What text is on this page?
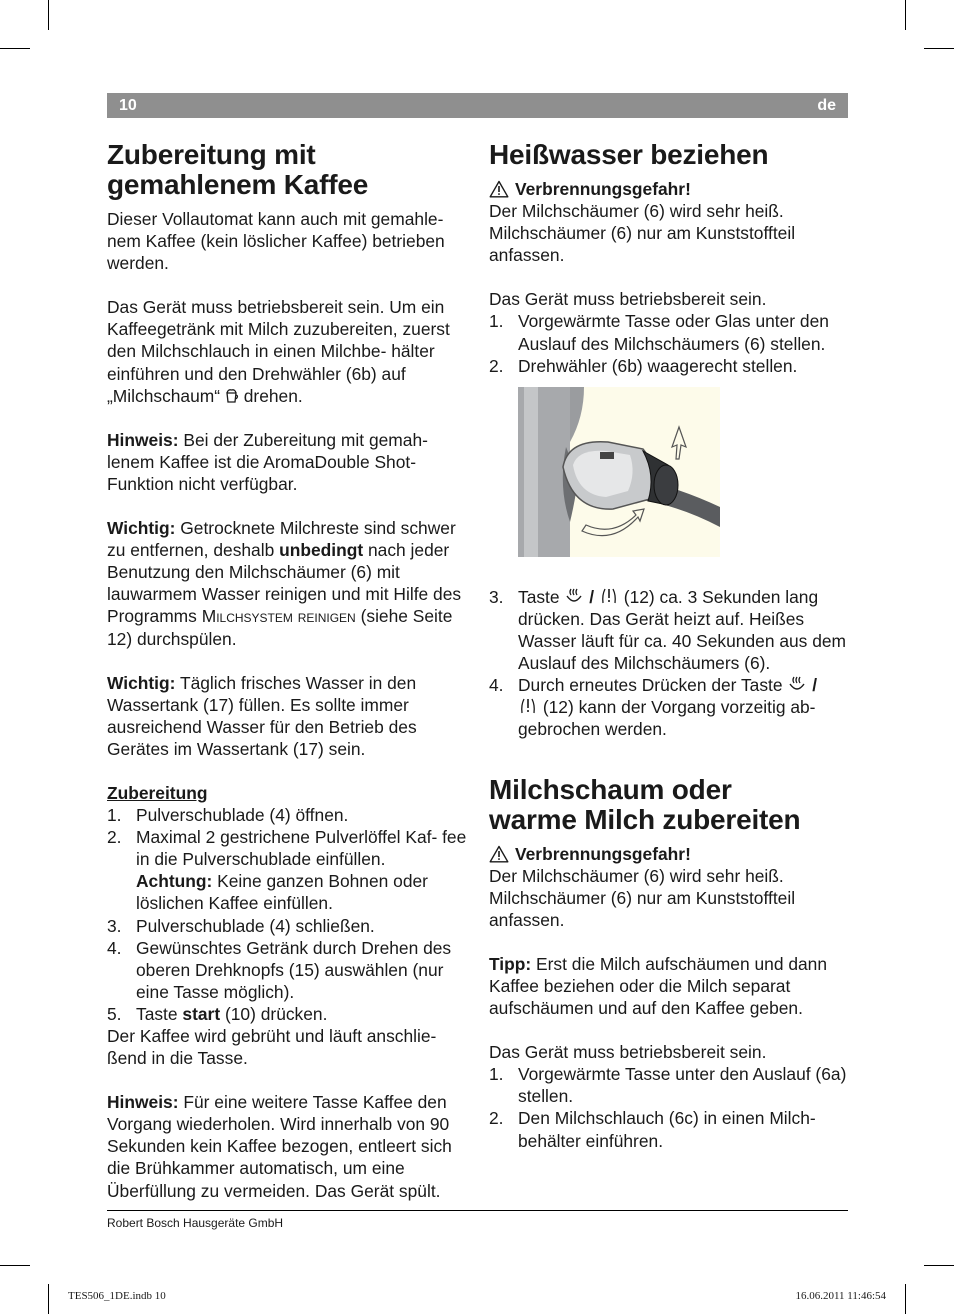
10	de
Zubereitung mit
gemahlenem Kaffee

Dieser Vollautomat kann auch mit gemahle- nem Kaffee (kein löslicher Kaffee) betrieben werden.

Das Gerät muss betriebsbereit sein. Um ein Kaffeegetränk mit Milch zuzubereiten, zuerst den Milchschlauch in einen Milchbe- hälter einführen und den Drehwähler (6b) auf „Milchschaum“ drehen.

Hinweis: Bei der Zubereitung mit gemah- lenem Kaffee ist die AromaDouble Shot- Funktion nicht verfügbar.

Wichtig: Getrocknete Milchreste sind schwer zu entfernen, deshalb unbedingt nach jeder Benutzung den Milchschäumer (6) mit lauwarmem Wasser reinigen und mit Hilfe des Programms Milchsystem reinigen (siehe Seite 12) durchspülen.

Wichtig: Täglich frisches Wasser in den Wassertank (17) füllen. Es sollte immer ausreichend Wasser für den Betrieb des Gerätes im Wassertank (17) sein.

Zubereitung

1. Pulverschublade (4) öffnen.
2. Maximal 2 gestrichene Pulverlöffel Kaf- fee in die Pulverschublade einfüllen.
Achtung: Keine ganzen Bohnen oder löslichen Kaffee einfüllen.
3. Pulverschublade (4) schließen.
4. Gewünschtes Getränk durch Drehen des oberen Drehknopfs (15) auswählen (nur eine Tasse möglich).
5. Taste start (10) drücken.

Der Kaffee wird gebrüht und läuft anschlie- ßend in die Tasse.

Hinweis: Für eine weitere Tasse Kaffee den Vorgang wiederholen. Wird innerhalb von 90 Sekunden kein Kaffee bezogen, entleert sich die Brühkammer automatisch, um eine Überfüllung zu vermeiden. Das Gerät spült.

Heißwasser beziehen

Verbrennungsgefahr!

Der Milchschäumer (6) wird sehr heiß. Milchschäumer (6) nur am Kunststoffteil anfassen.

Das Gerät muss betriebsbereit sein.

1. Vorgewärmte Tasse oder Glas unter den Auslauf des Milchschäumers (6) stellen.
2. Drehwähler (6b) waagerecht stellen.
3. Taste / (12) ca. 3 Sekunden lang drücken. Das Gerät heizt auf. Heißes Wasser läuft für ca. 40 Sekunden aus dem Auslauf des Milchschäumers (6).
4. Durch erneutes Drücken der Taste /
(12) kann der Vorgang vorzeitig ab- gebrochen werden.
Milchschaum oder
warme Milch zubereiten

Verbrennungsgefahr!

Der Milchschäumer (6) wird sehr heiß. Milchschäumer (6) nur am Kunststoffteil anfassen.

Tipp: Erst die Milch aufschäumen und dann Kaffee beziehen oder die Milch separat aufschäumen und auf den Kaffee geben.

Das Gerät muss betriebsbereit sein.

1. Vorgewärmte Tasse unter den Auslauf (6a) stellen.
2. Den Milchschlauch (6c) in einen Milch- behälter einführen.
Robert Bosch Hausgeräte GmbH
TES506_1DE.indb 10	16.06.2011 11:46:54
